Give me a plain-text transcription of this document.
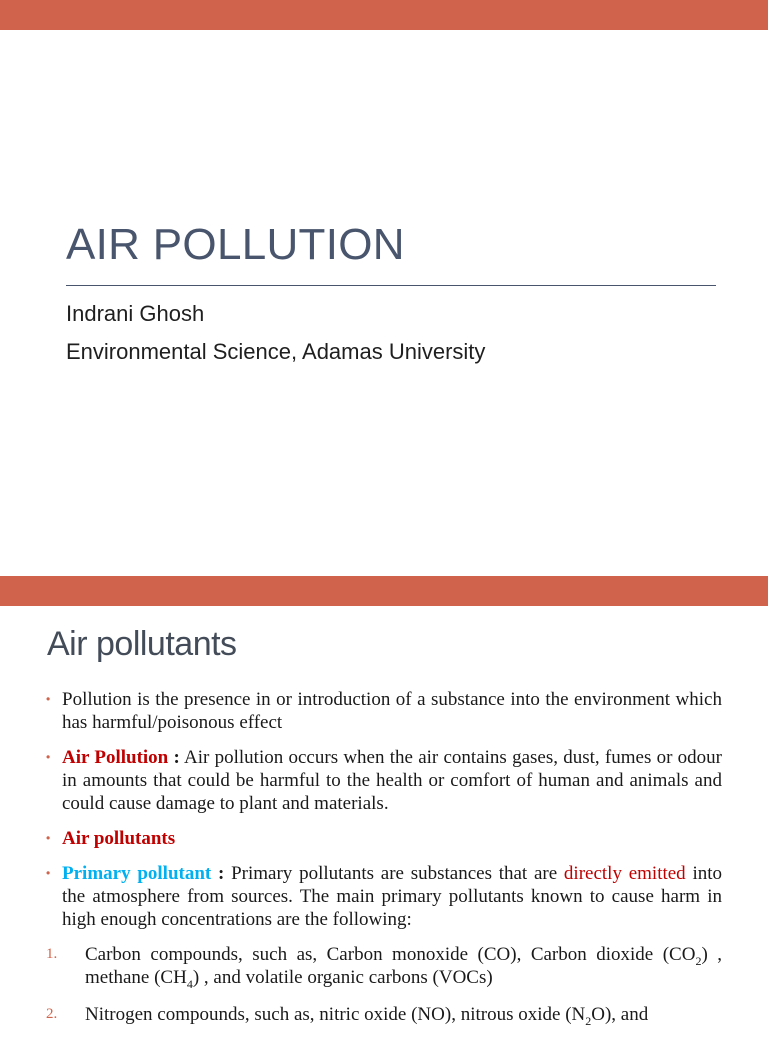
AIR POLLUTION

Indrani Ghosh

Environmental Science, Adamas University

Air pollutants

• Pollution is the presence in or introduction of a substance into the environment which has harmful/poisonous effect

• Air Pollution : Air pollution occurs when the air contains gases, dust, fumes or odour in amounts that could be harmful to the health or comfort of human and animals and could cause damage to plant and materials.

• Air pollutants

• Primary pollutant : Primary pollutants are substances that are directly emitted into the atmosphere from sources. The main primary pollutants known to cause harm in high enough concentrations are the following:

1. Carbon compounds, such as, Carbon monoxide (CO), Carbon dioxide $(CO_2)$ , methane $(CH_4)$ , and volatile organic carbons (VOCs)

2. Nitrogen compounds, such as, nitric oxide (NO), nitrous oxide $(N_2O)$, and
